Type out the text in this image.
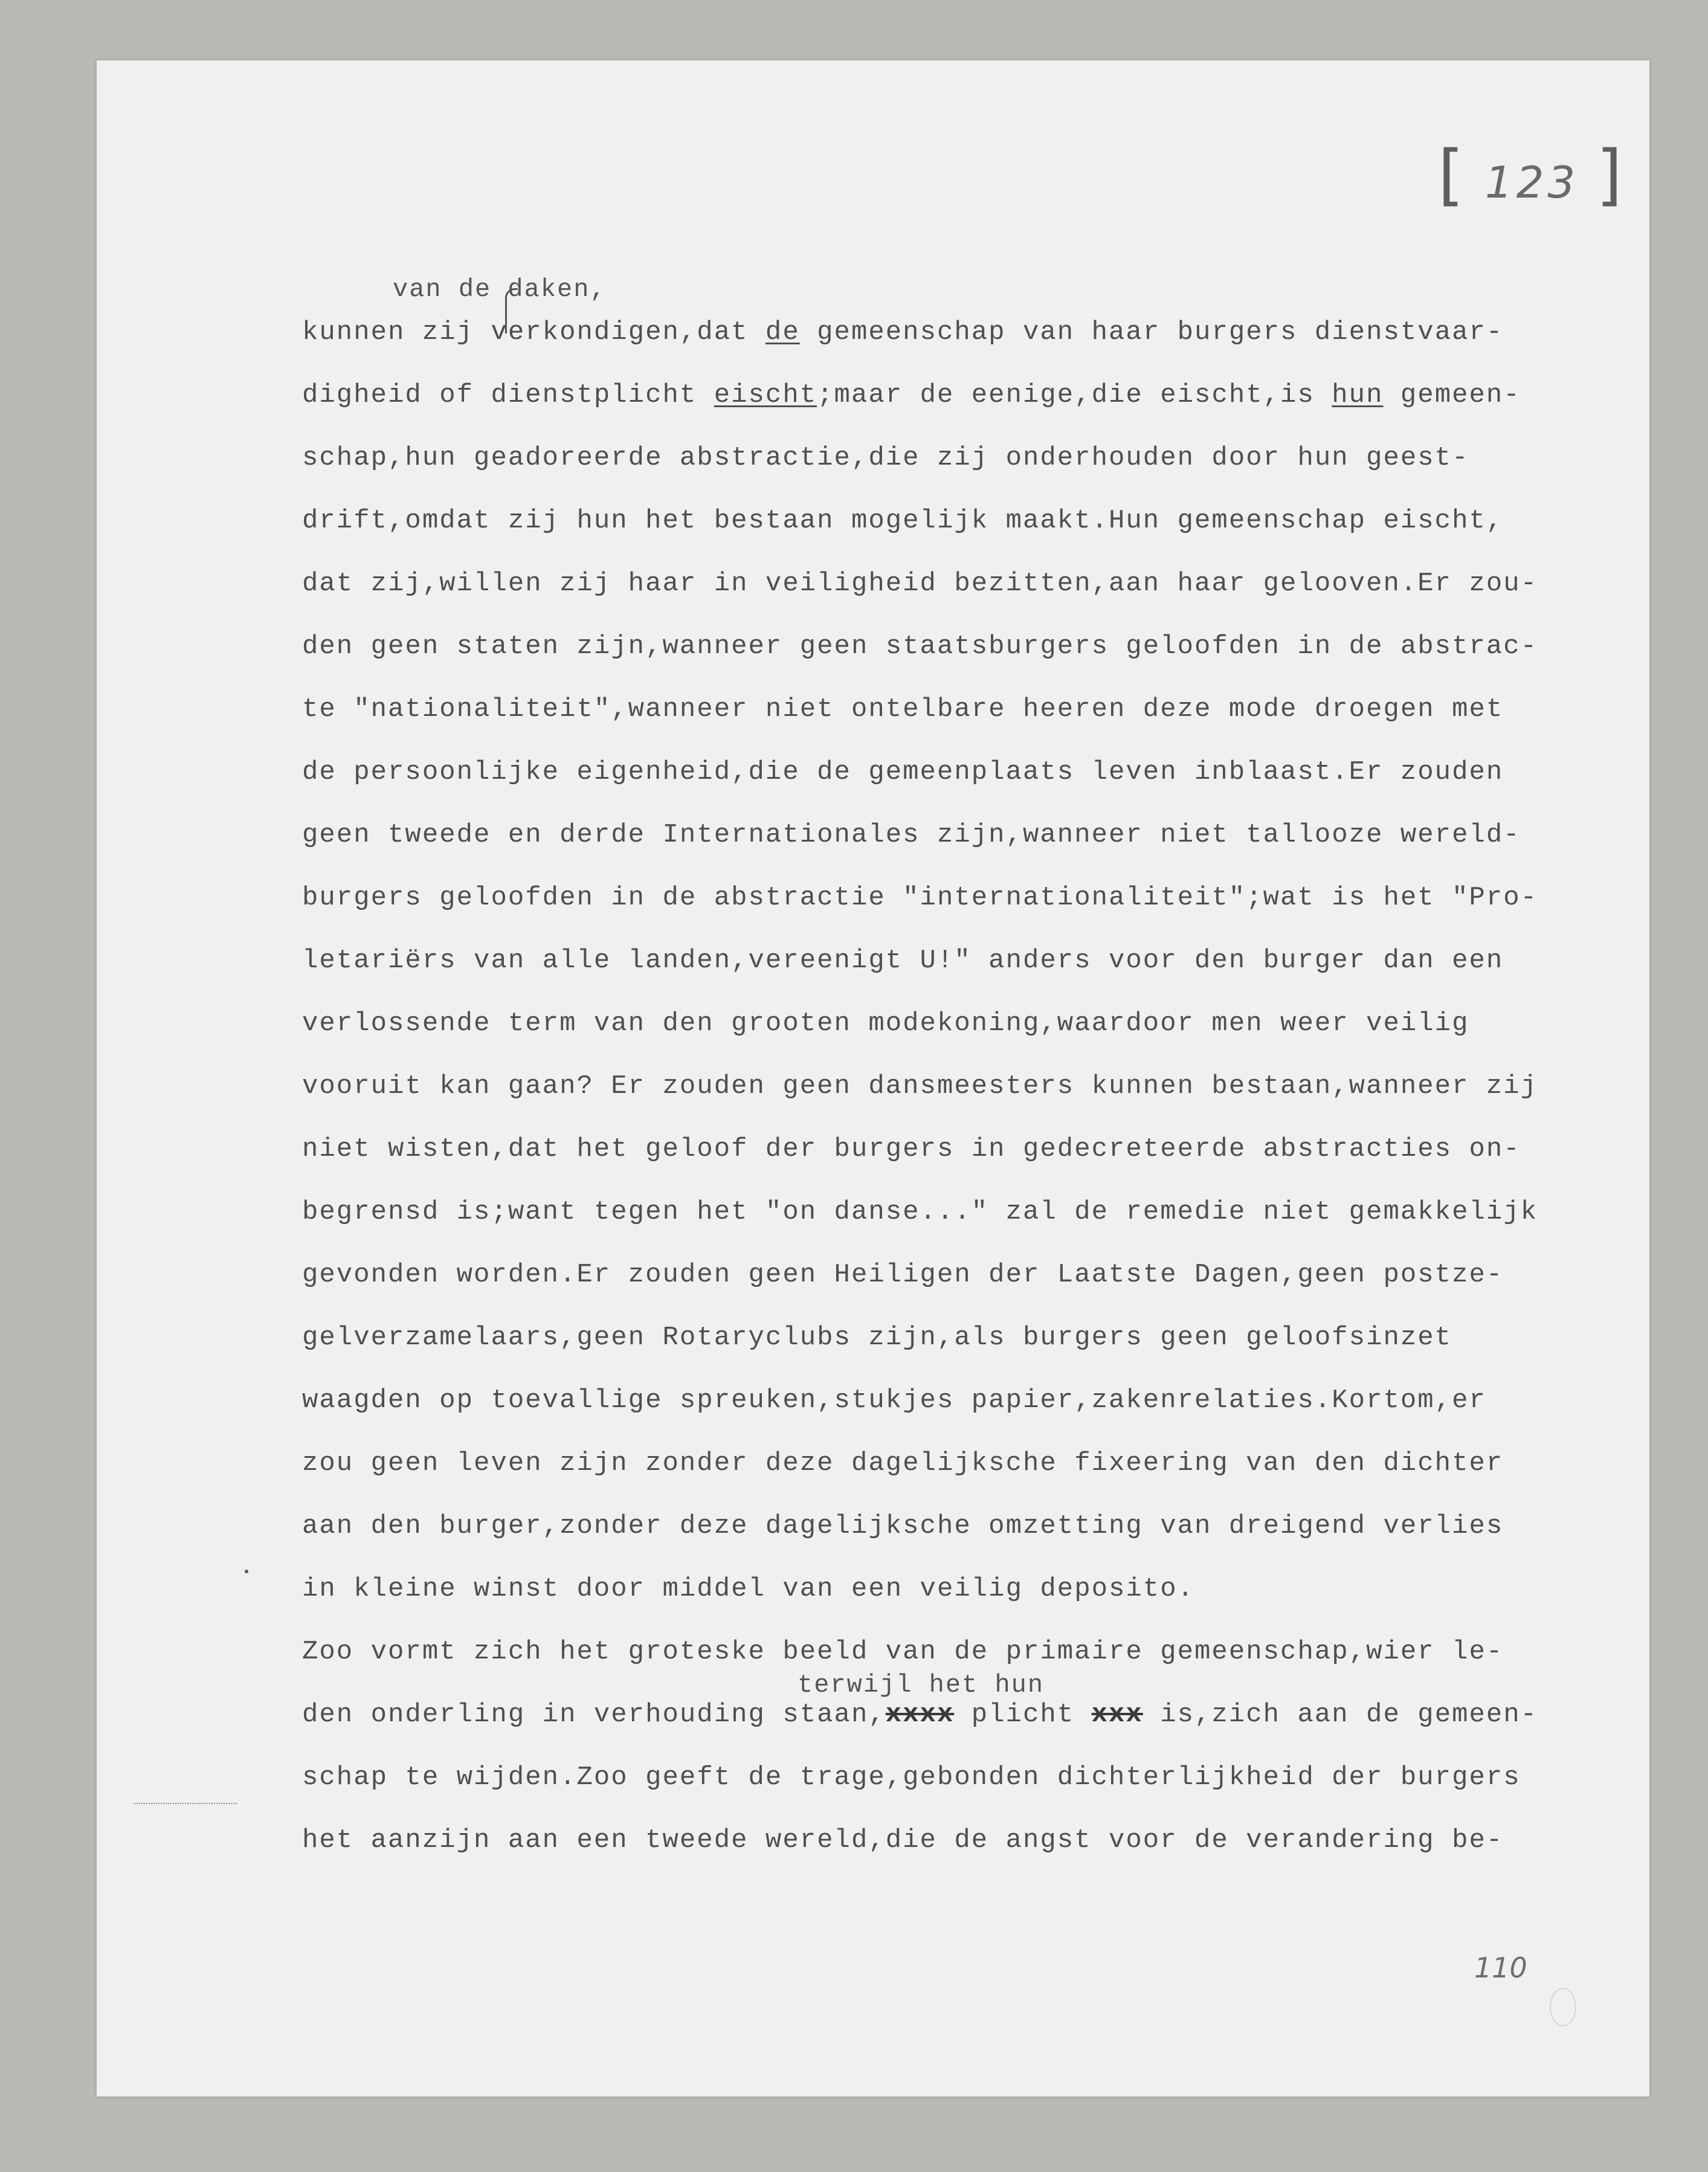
[ 123 ]

van de daken,

kunnen zij verkondigen,dat de gemeenschap van haar burgers dienstvaar-

digheid of dienstplicht eischt;maar de eenige,die eischt,is hun gemeen-

schap,hun geadoreerde abstractie,die zij onderhouden door hun geest-

drift,omdat zij hun het bestaan mogelijk maakt.Hun gemeenschap eischt,

dat zij,willen zij haar in veiligheid bezitten,aan haar gelooven.Er zou-

den geen staten zijn,wanneer geen staatsburgers geloofden in de abstrac-

te "nationaliteit",wanneer niet ontelbare heeren deze mode droegen met

de persoonlijke eigenheid,die de gemeenplaats leven inblaast.Er zouden

geen tweede en derde Internationales zijn,wanneer niet tallooze wereld-

burgers geloofden in de abstractie "internationaliteit";wat is het "Pro-

letariërs van alle landen,vereenigt U!" anders voor den burger dan een

verlossende term van den grooten modekoning,waardoor men weer veilig

vooruit kan gaan? Er zouden geen dansmeesters kunnen bestaan,wanneer zij

niet wisten,dat het geloof der burgers in gedecreteerde abstracties on-

begrensd is;want tegen het "on danse..." zal de remedie niet gemakkelijk

gevonden worden.Er zouden geen Heiligen der Laatste Dagen,geen postze-

gelverzamelaars,geen Rotaryclubs zijn,als burgers geen geloofsinzet

waagden op toevallige spreuken,stukjes papier,zakenrelaties.Kortom,er

zou geen leven zijn zonder deze dagelijksche fixeering van den dichter

aan den burger,zonder deze dagelijksche omzetting van dreigend verlies

in kleine winst door middel van een veilig deposito.

Zoo vormt zich het groteske beeld van de primaire gemeenschap,wier le-

terwijl het hun

den onderling in verhouding staan,xxxx plicht xxx is,zich aan de gemeen-

schap te wijden.Zoo geeft de trage,gebonden dichterlijkheid der burgers

het aanzijn aan een tweede wereld,die de angst voor de verandering be-

110
